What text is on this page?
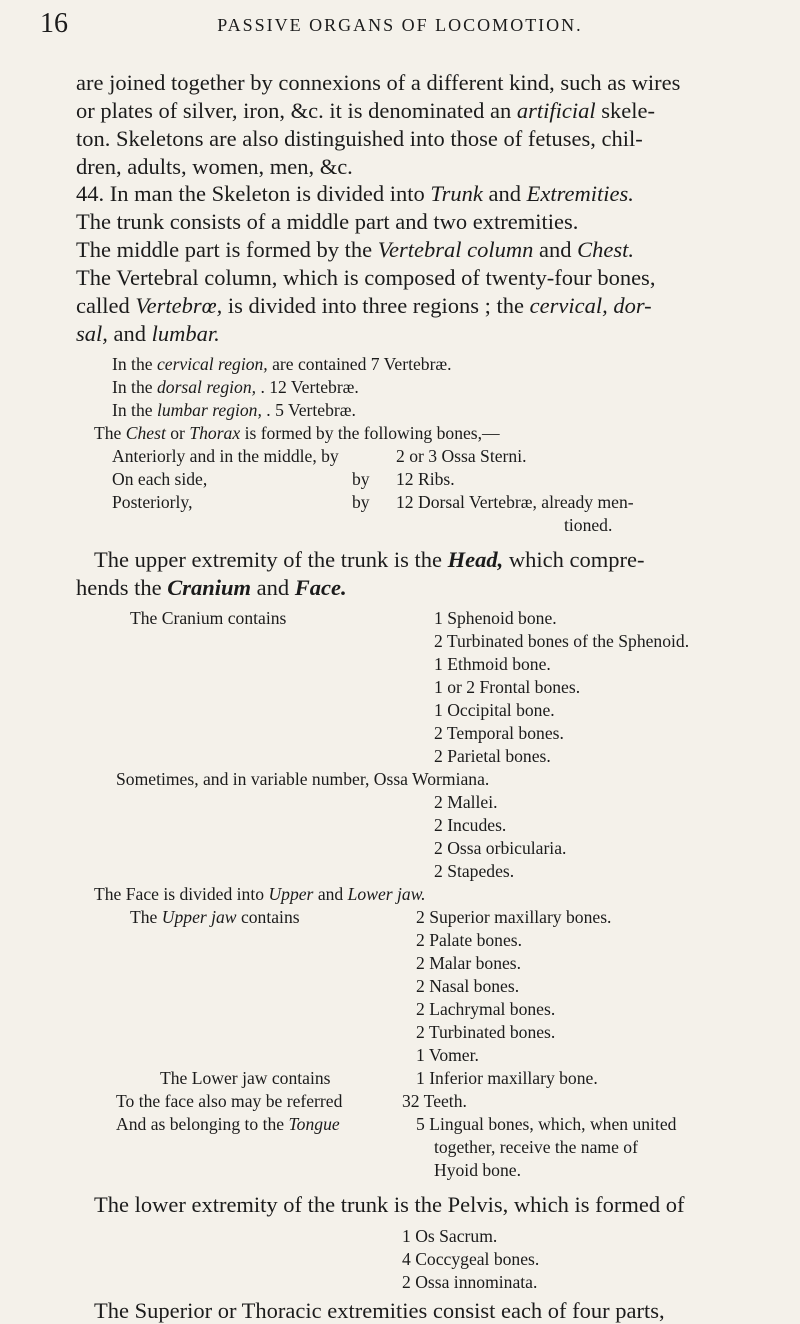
16	PASSIVE ORGANS OF LOCOMOTION.
are joined together by connexions of a different kind, such as wires
or plates of silver, iron, &c. it is denominated an artificial skele-
ton. Skeletons are also distinguished into those of fetuses, chil-
dren, adults, women, men, &c.
44. In man the Skeleton is divided into Trunk and Extremities.
The trunk consists of a middle part and two extremities.
The middle part is formed by the Vertebral column and Chest.
The Vertebral column, which is composed of twenty-four bones,
called Vertebrœ, is divided into three regions ; the cervical, dor-
sal, and lumbar.
In the cervical region, are contained 7 Vertebræ.
In the dorsal region, . 12 Vertebræ.
In the lumbar region, . 5 Vertebræ.
The Chest or Thorax is formed by the following bones,—
Anteriorly and in the middle, by	2 or 3 Ossa Sterni.
On each side,	by 12 Ribs.
Posteriorly,	by 12 Dorsal Vertebræ, already men-
tioned.
The upper extremity of the trunk is the Head, which compre-
hends the Cranium and Face.
The Cranium contains	1 Sphenoid bone.
2 Turbinated bones of the Sphenoid.
1 Ethmoid bone.
1 or 2 Frontal bones.
1 Occipital bone.
2 Temporal bones.
2 Parietal bones.
Sometimes, and in variable number, Ossa Wormiana.
2 Mallei.
2 Incudes.
2 Ossa orbicularia.
2 Stapedes.
The Face is divided into Upper and Lower jaw.
The Upper jaw contains	2 Superior maxillary bones.
2 Palate bones.
2 Malar bones.
2 Nasal bones.
2 Lachrymal bones.
2 Turbinated bones.
1 Vomer.
The Lower jaw contains	1 Inferior maxillary bone.
To the face also may be referred	32 Teeth.
And as belonging to the Tongue	5 Lingual bones, which, when united
together, receive the name of
Hyoid bone.
The lower extremity of the trunk is the Pelvis, which is formed of
1 Os Sacrum.
4 Coccygeal bones.
2 Ossa innominata.
The Superior or Thoracic extremities consist each of four parts,
